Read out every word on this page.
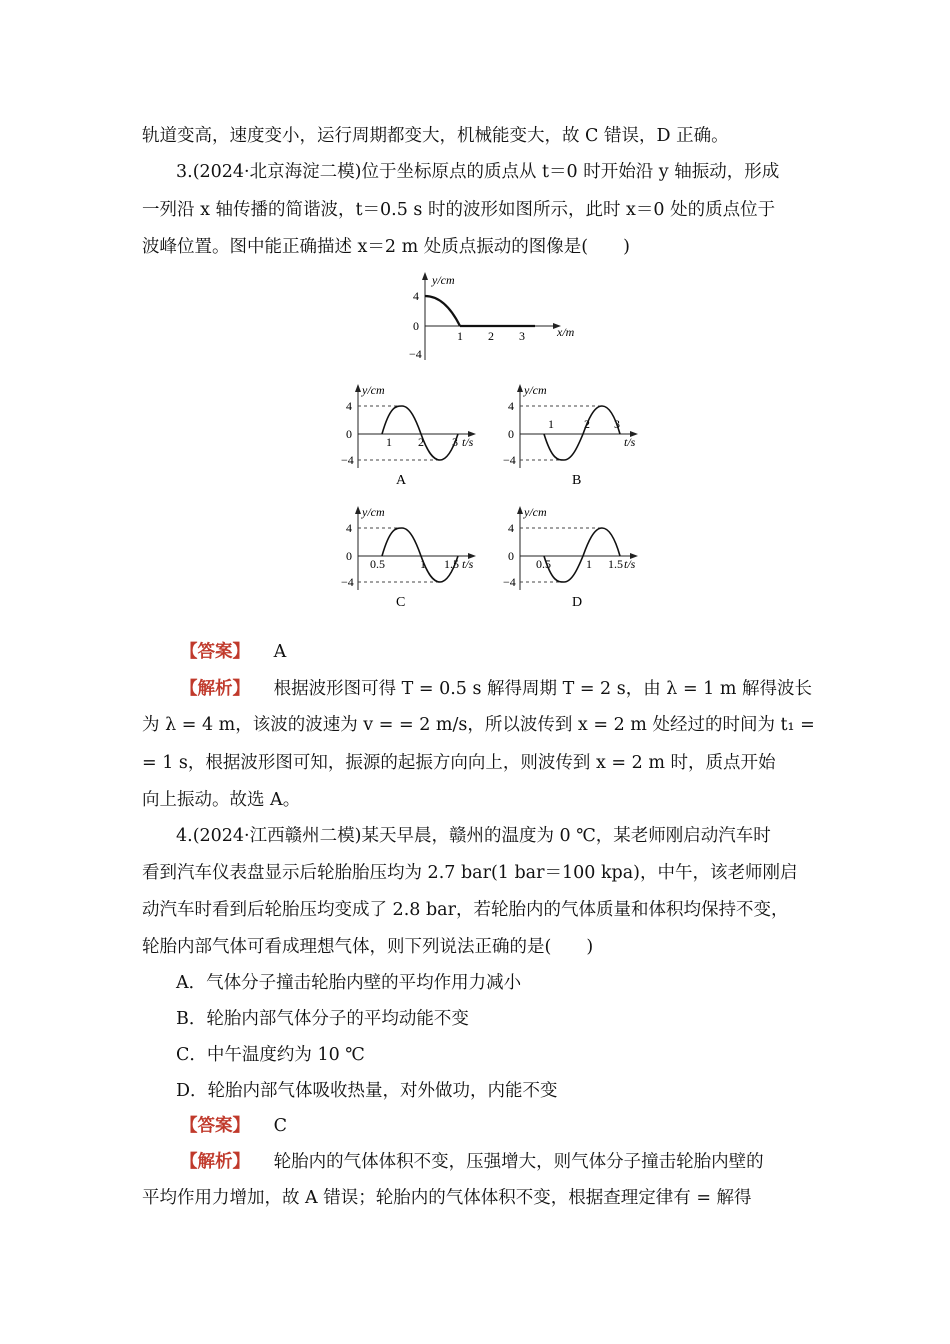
轨道变高，速度变小，运行周期都变大，机械能变大，故 C 错误，D 正确。
3.(2024·北京海淀二模)位于坐标原点的质点从 t＝0 时开始沿 y 轴振动，形成
一列沿 x 轴传播的简谐波，t＝0.5 s 时的波形如图所示，此时 x＝0 处的质点位于
波峰位置。图中能正确描述 x＝2 m 处质点振动的图像是(　　)
y/cm
x/m
4
0
−4
1 2 3
y/cm
t/s
4
0
−4
1 2 3
A
y/cm
t/s
4
0
−4
1	2 3
B
y/cm
t/s
4
0
−4
0.5	1 1.5
C
y/cm
t/s
4
0
−4
0.5	1 1.5
D
【答案】 A
【解析】 根据波形图可得 T = 0.5 s 解得周期 T = 2 s，由 λ = 1 m 解得波长
为 λ = 4 m，该波的波速为 v = = 2 m/s，所以波传到 x = 2 m 处经过的时间为 t₁ =
= 1 s，根据波形图可知，振源的起振方向向上，则波传到 x = 2 m 时，质点开始
向上振动。故选 A。
4.(2024·江西赣州二模)某天早晨，赣州的温度为 0 ℃，某老师刚启动汽车时
看到汽车仪表盘显示后轮胎胎压均为 2.7 bar(1 bar＝100 kpa)，中午，该老师刚启
动汽车时看到后轮胎压均变成了 2.8 bar，若轮胎内的气体质量和体积均保持不变，
轮胎内部气体可看成理想气体，则下列说法正确的是(　　)
A．气体分子撞击轮胎内壁的平均作用力减小
B．轮胎内部气体分子的平均动能不变
C．中午温度约为 10 ℃
D．轮胎内部气体吸收热量，对外做功，内能不变
【答案】 C
【解析】 轮胎内的气体体积不变，压强增大，则气体分子撞击轮胎内壁的
平均作用力增加，故 A 错误；轮胎内的气体体积不变，根据查理定律有 = 解得
